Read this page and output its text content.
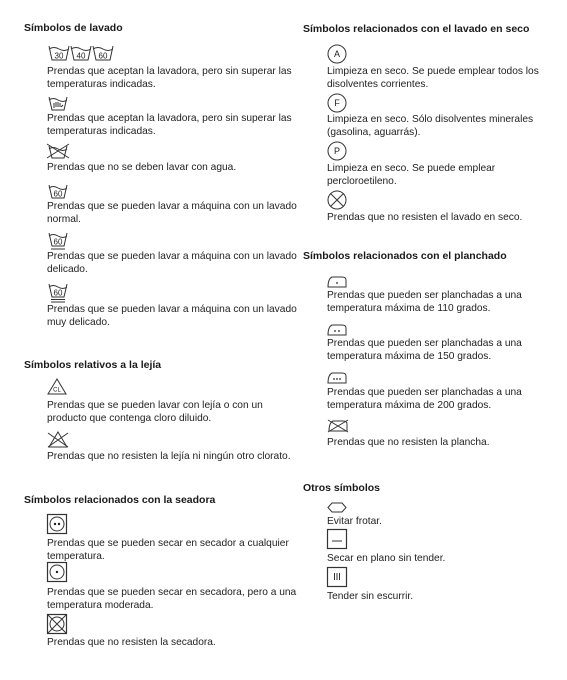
Símbolos de lavado
30 40 60
Prendas que aceptan la lavadora, pero sin superar las temperaturas indicadas.
Prendas que aceptan la lavadora, pero sin superar las temperaturas indicadas.
Prendas que no se deben lavar con agua.
60
Prendas que se pueden lavar a máquina con un lavado normal.
60
Prendas que se pueden lavar a máquina con un lavado delicado.
60
Prendas que se pueden lavar a máquina con un lavado muy delicado.
Símbolos relativos a la lejía
CL
Prendas que se pueden lavar con lejía o con un producto que contenga cloro diluido.
Prendas que no resisten la lejía ni ningún otro clorato.
Símbolos relacionados con la seadora
Prendas que se pueden secar en secador a cualquier temperatura.
Prendas que se pueden secar en secadora, pero a una temperatura moderada.
Prendas que no resisten la secadora.
Símbolos relacionados con el lavado en seco
A
Limpieza en seco. Se puede emplear todos los disolventes corrientes.
F
Limpieza en seco. Sólo disolventes minerales (gasolina, aguarrás).
P
Limpieza en seco. Se puede emplear percloroetileno.
Prendas que no resisten el lavado en seco.
Símbolos relacionados con el planchado
Prendas que pueden ser planchadas a una temperatura máxima de 110 grados.
Prendas que pueden ser planchadas a una temperatura máxima de 150 grados.
Prendas que pueden ser planchadas a una temperatura máxima de 200 grados.
Prendas que no resisten la plancha.
Otros símbolos
Evitar frotar.
Secar en plano sin tender.
Tender sin escurrir.
